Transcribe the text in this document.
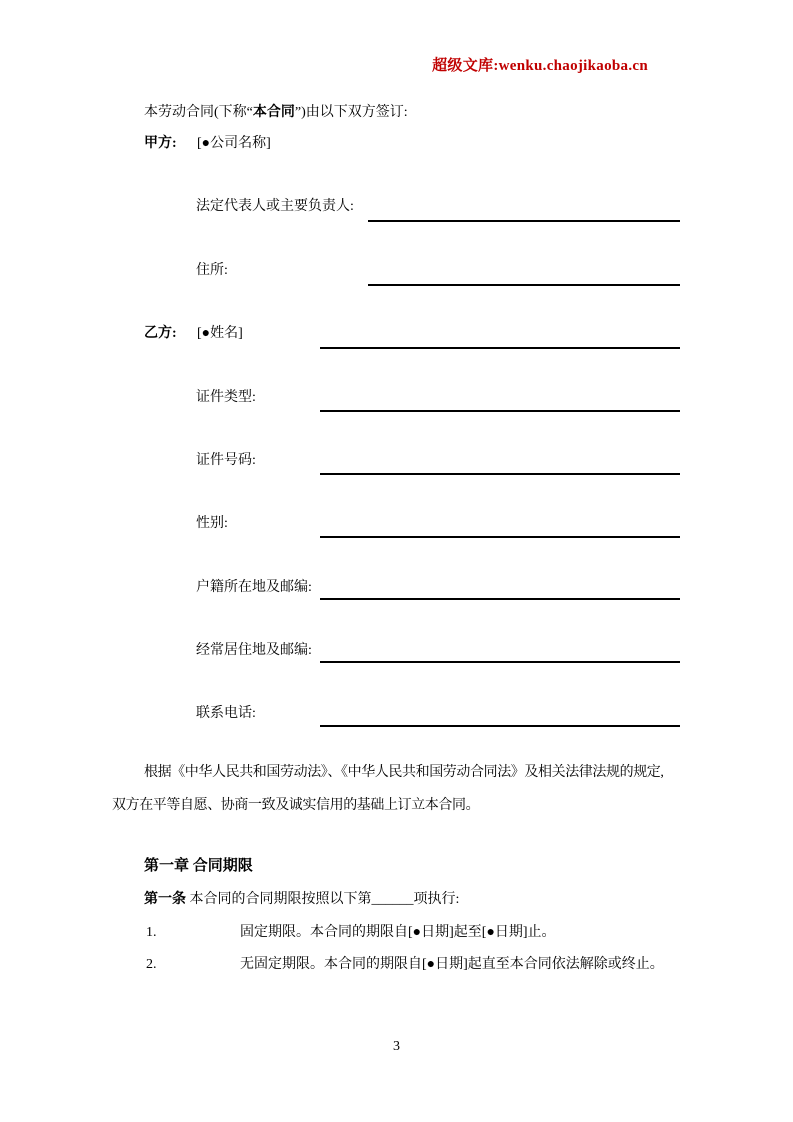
超级文库:wenku.chaojikaoba.cn
本劳动合同(下称“本合同”)由以下双方签订:
甲方: [●公司名称]
法定代表人或主要负责人:
住所:
乙方: [●姓名]
证件类型:
证件号码:
性别:
户籍所在地及邮编:
经常居住地及邮编:
联系电话:
根据《中华人民共和国劳动法》、《中华人民共和国劳动合同法》及相关法律法规的规定,
双方在平等自愿、协商一致及诚实信用的基础上订立本合同。
第一章 合同期限
第一条 本合同的合同期限按照以下第______项执行:
1.	固定期限。本合同的期限自[●日期]起至[●日期]止。
2.	无固定期限。本合同的期限自[●日期]起直至本合同依法解除或终止。
3
